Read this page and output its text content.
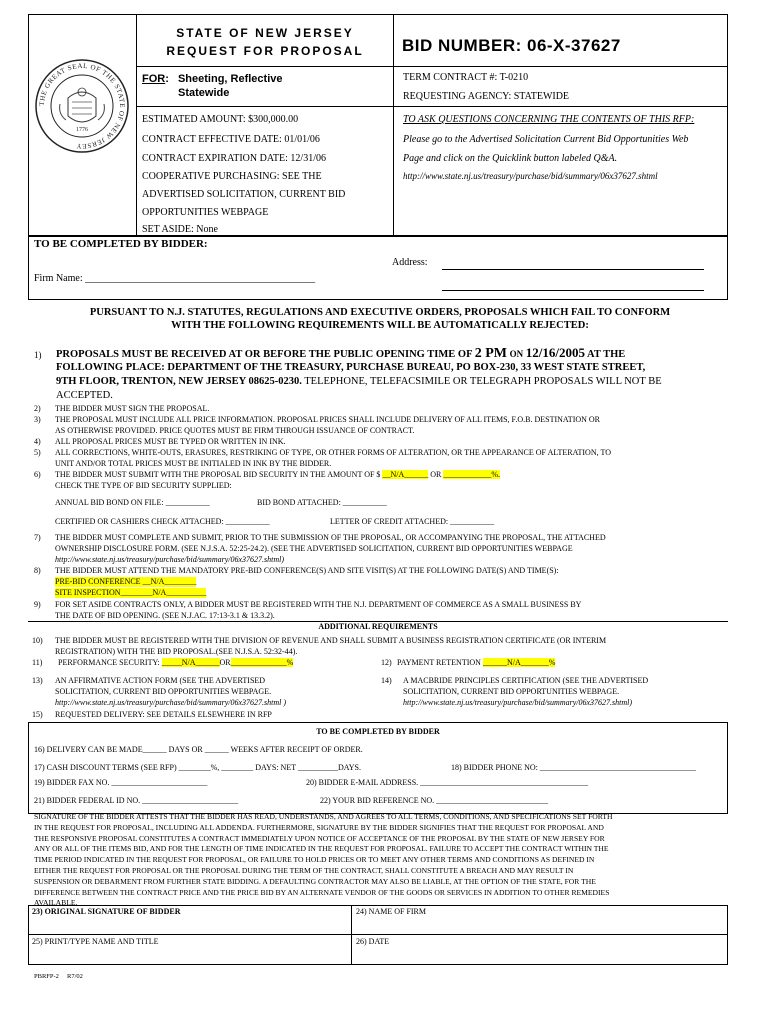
THE GREAT SEAL OF THE STATE OF NEW JERSEY
1776
STATE OF NEW JERSEY
REQUEST FOR PROPOSAL	BID NUMBER: 06-X-37627
FOR: Sheeting, Reflective
Statewide
TERM CONTRACT #: T-0210
REQUESTING AGENCY: STATEWIDE
ESTIMATED AMOUNT: $300,000.00
CONTRACT EFFECTIVE DATE: 01/01/06
CONTRACT EXPIRATION DATE: 12/31/06
COOPERATIVE PURCHASING: SEE THE
ADVERTISED SOLICITATION, CURRENT BID
OPPORTUNITIES WEBPAGE
SET ASIDE: None
TO ASK QUESTIONS CONCERNING THE CONTENTS OF THIS RFP:
Please go to the Advertised Solicitation Current Bid Opportunities Web
Page and click on the Quicklink button labeled Q&A.
http://www.state.nj.us/treasury/purchase/bid/summary/06x37627.shtml
TO BE COMPLETED BY BIDDER:
Address:
Firm Name: ______________________________________________
PURSUANT TO N.J. STATUTES, REGULATIONS AND EXECUTIVE ORDERS, PROPOSALS WHICH FAIL TO CONFORM
WITH THE FOLLOWING REQUIREMENTS WILL BE AUTOMATICALLY REJECTED:
1) PROPOSALS MUST BE RECEIVED AT OR BEFORE THE PUBLIC OPENING TIME OF 2 PM ON 12/16/2005 AT THE
FOLLOWING PLACE: DEPARTMENT OF THE TREASURY, PURCHASE BUREAU, PO BOX-230, 33 WEST STATE STREET,
9TH FLOOR, TRENTON, NEW JERSEY 08625-0230. TELEPHONE, TELEFACSIMILE OR TELEGRAPH PROPOSALS WILL NOT BE
ACCEPTED.
2) THE BIDDER MUST SIGN THE PROPOSAL.
3) THE PROPOSAL MUST INCLUDE ALL PRICE INFORMATION. PROPOSAL PRICES SHALL INCLUDE DELIVERY OF ALL ITEMS, F.O.B. DESTINATION OR
AS OTHERWISE PROVIDED. PRICE QUOTES MUST BE FIRM THROUGH ISSUANCE OF CONTRACT.
4) ALL PROPOSAL PRICES MUST BE TYPED OR WRITTEN IN INK.
5) ALL CORRECTIONS, WHITE-OUTS, ERASURES, RESTRIKING OF TYPE, OR OTHER FORMS OF ALTERATION, OR THE APPEARANCE OF ALTERATION, TO
UNIT AND/OR TOTAL PRICES MUST BE INITIALED IN INK BY THE BIDDER.
6) THE BIDDER MUST SUBMIT WITH THE PROPOSAL BID SECURITY IN THE AMOUNT OF $ __N/A______ OR ____________%.
CHECK THE TYPE OF BID SECURITY SUPPLIED:
ANNUAL BID BOND ON FILE: ___________	BID BOND ATTACHED: ___________
CERTIFIED OR CASHIERS CHECK ATTACHED: ___________	LETTER OF CREDIT ATTACHED: ___________
7) THE BIDDER MUST COMPLETE AND SUBMIT, PRIOR TO THE SUBMISSION OF THE PROPOSAL, OR ACCOMPANYING THE PROPOSAL, THE ATTACHED
OWNERSHIP DISCLOSURE FORM. (SEE N.J.S.A. 52:25-24.2). (SEE THE ADVERTISED SOLICITATION, CURRENT BID OPPORTUNITIES WEBPAGE
http://www.state.nj.us/treasury/purchase/bid/summary/06x37627.shtml)
8) THE BIDDER MUST ATTEND THE MANDATORY PRE-BID CONFERENCE(S) AND SITE VISIT(S) AT THE FOLLOWING DATE(S) AND TIME(S):
PRE-BID CONFERENCE __N/A________
SITE INSPECTION________N/A__________
9) FOR SET ASIDE CONTRACTS ONLY, A BIDDER MUST BE REGISTERED WITH THE N.J. DEPARTMENT OF COMMERCE AS A SMALL BUSINESS BY
THE DATE OF BID OPENING. (SEE N.J.AC. 17:13-3.1 & 13.3.2).
ADDITIONAL REQUIREMENTS
10) THE BIDDER MUST BE REGISTERED WITH THE DIVISION OF REVENUE AND SHALL SUBMIT A BUSINESS REGISTRATION CERTIFICATE (OR INTERIM
REGISTRATION) WITH THE BID PROPOSAL.(SEE N.J.S.A. 52:32-44).
11) PERFORMANCE SECURITY: _____N/A______OR______________%	12) PAYMENT RETENTION ______N/A_______%
13) AN AFFIRMATIVE ACTION FORM (SEE THE ADVERTISED
SOLICITATION, CURRENT BID OPPORTUNITIES WEBPAGE.
http://www.state.nj.us/treasury/purchase/bid/summary/06x37627.shtml )
14) A MACBRIDE PRINCIPLES CERTIFICATION (SEE THE ADVERTISED
SOLICITATION, CURRENT BID OPPORTUNITIES WEBPAGE.
http://www.state.nj.us/treasury/purchase/bid/summary/06x37627.shtml)
15) REQUESTED DELIVERY: SEE DETAILS ELSEWHERE IN RFP
TO BE COMPLETED BY BIDDER
16) DELIVERY CAN BE MADE______ DAYS OR ______ WEEKS AFTER RECEIPT OF ORDER.
17) CASH DISCOUNT TERMS (SEE RFP) ________%, ________ DAYS: NET __________DAYS.	18) BIDDER PHONE NO: _______________________________________
19) BIDDER FAX NO. ________________________	20) BIDDER E-MAIL ADDRESS. __________________________________________
21) BIDDER FEDERAL ID NO. ________________________	22) YOUR BID REFERENCE NO. ____________________________
SIGNATURE OF THE BIDDER ATTESTS THAT THE BIDDER HAS READ, UNDERSTANDS, AND AGREES TO ALL TERMS, CONDITIONS, AND SPECIFICATIONS SET FORTH
IN THE REQUEST FOR PROPOSAL, INCLUDING ALL ADDENDA. FURTHERMORE, SIGNATURE BY THE BIDDER SIGNIFIES THAT THE REQUEST FOR PROPOSAL AND
THE RESPONSIVE PROPOSAL CONSTITUTES A CONTRACT IMMEDIATELY UPON NOTICE OF ACCEPTANCE OF THE PROPOSAL BY THE STATE OF NEW JERSEY FOR
ANY OR ALL OF THE ITEMS BID, AND FOR THE LENGTH OF TIME INDICATED IN THE REQUEST FOR PROPOSAL. FAILURE TO ACCEPT THE CONTRACT WITHIN THE
TIME PERIOD INDICATED IN THE REQUEST FOR PROPOSAL, OR FAILURE TO HOLD PRICES OR TO MEET ANY OTHER TERMS AND CONDITIONS AS DEFINED IN
EITHER THE REQUEST FOR PROPOSAL OR THE PROPOSAL DURING THE TERM OF THE CONTRACT, SHALL CONSTITUTE A BREACH AND MAY RESULT IN
SUSPENSION OR DEBARMENT FROM FURTHER STATE BIDDING. A DEFAULTING CONTRACTOR MAY ALSO BE LIABLE, AT THE OPTION OF THE STATE, FOR THE
DIFFERENCE BETWEEN THE CONTRACT PRICE AND THE PRICE BID BY AN ALTERNATE VENDOR OF THE GOODS OR SERVICES IN ADDITION TO OTHER REMEDIES
AVAILABLE.
23) ORIGINAL SIGNATURE OF BIDDER	24) NAME OF FIRM
25) PRINT/TYPE NAME AND TITLE	26) DATE
PBRFP-2 R7/02
